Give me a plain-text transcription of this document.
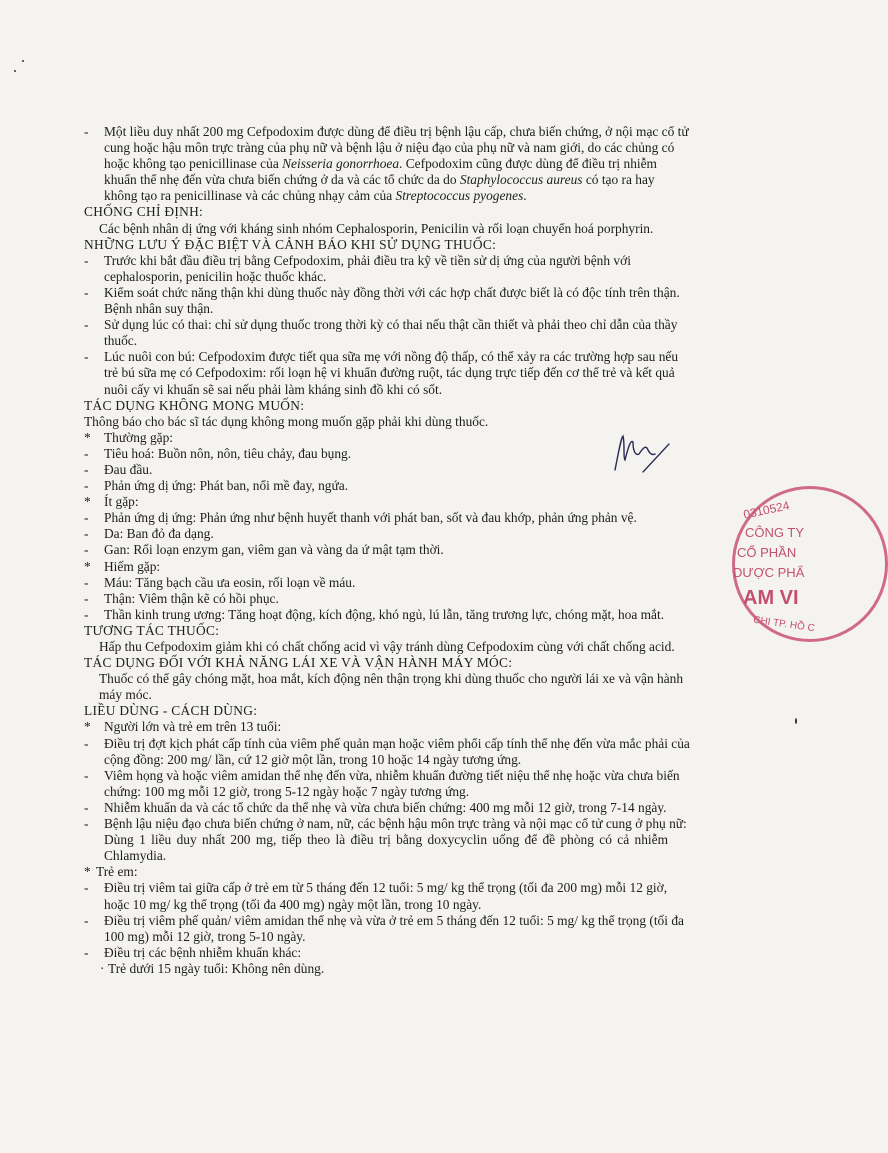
-	Một liều duy nhất 200 mg Cefpodoxim được dùng để điều trị bệnh lậu cấp, chưa biến chứng, ở nội mạc cổ tử
cung hoặc hậu môn trực tràng của phụ nữ và bệnh lậu ở niệu đạo của phụ nữ và nam giới, do các chủng có
hoặc không tạo penicillinase của Neisseria gonorrhoea. Cefpodoxim cũng được dùng để điều trị nhiễm
khuẩn thể nhẹ đến vừa chưa biến chứng ở da và các tổ chức da do Staphylococcus aureus có tạo ra hay
không tạo ra penicillinase và các chủng nhạy cảm của Streptococcus pyogenes.
CHỐNG CHỈ ĐỊNH:
Các bệnh nhân dị ứng với kháng sinh nhóm Cephalosporin, Penicilin và rối loạn chuyển hoá porphyrin.
NHỮNG LƯU Ý ĐẶC BIỆT VÀ CẢNH BÁO KHI SỬ DỤNG THUỐC:
-	Trước khi bắt đầu điều trị bằng Cefpodoxim, phải điều tra kỹ về tiền sử dị ứng của người bệnh với
cephalosporin, penicilin hoặc thuốc khác.
-	Kiểm soát chức năng thận khi dùng thuốc này đồng thời với các hợp chất được biết là có độc tính trên thận.
Bệnh nhân suy thận.
-	Sử dụng lúc có thai: chỉ sử dụng thuốc trong thời kỳ có thai nếu thật cần thiết và phải theo chỉ dẫn của thầy
thuốc.
-	Lúc nuôi con bú: Cefpodoxim được tiết qua sữa mẹ với nồng độ thấp, có thể xảy ra các trường hợp sau nếu
trẻ bú sữa mẹ có Cefpodoxim: rối loạn hệ vi khuẩn đường ruột, tác dụng trực tiếp đến cơ thể trẻ và kết quả
nuôi cấy vi khuẩn sẽ sai nếu phải làm kháng sinh đồ khi có sốt.
TÁC DỤNG KHÔNG MONG MUỐN:
Thông báo cho bác sĩ tác dụng không mong muốn gặp phải khi dùng thuốc.
* Thường gặp:
-	Tiêu hoá: Buồn nôn, nôn, tiêu chảy, đau bụng.
-	Đau đầu.
-	Phản ứng dị ứng: Phát ban, nổi mề đay, ngứa.
* Ít gặp:
-	Phản ứng dị ứng: Phản ứng như bệnh huyết thanh với phát ban, sốt và đau khớp, phản ứng phản vệ.
-	Da: Ban đỏ đa dạng.
-	Gan: Rối loạn enzym gan, viêm gan và vàng da ứ mật tạm thời.
* Hiếm gặp:
-	Máu: Tăng bạch cầu ưa eosin, rối loạn về máu.
-	Thận: Viêm thận kẽ có hồi phục.
-	Thần kinh trung ương: Tăng hoạt động, kích động, khó ngủ, lú lẫn, tăng trương lực, chóng mặt, hoa mắt.
TƯƠNG TÁC THUỐC:
Hấp thu Cefpodoxim giảm khi có chất chống acid vì vậy tránh dùng Cefpodoxim cùng với chất chống acid.
TÁC DỤNG ĐỐI VỚI KHẢ NĂNG LÁI XE VÀ VẬN HÀNH MÁY MÓC:
Thuốc có thể gây chóng mặt, hoa mắt, kích động nên thận trọng khi dùng thuốc cho người lái xe và vận hành
máy móc.
LIỀU DÙNG - CÁCH DÙNG:
* Người lớn và trẻ em trên 13 tuổi:
-	Điều trị đợt kịch phát cấp tính của viêm phế quản mạn hoặc viêm phổi cấp tính thể nhẹ đến vừa mắc phải của
cộng đồng: 200 mg/ lần, cứ 12 giờ một lần, trong 10 hoặc 14 ngày tương ứng.
-	Viêm họng và hoặc viêm amidan thể nhẹ đến vừa, nhiễm khuẩn đường tiết niệu thể nhẹ hoặc vừa chưa biến
chứng: 100 mg mỗi 12 giờ, trong 5-12 ngày hoặc 7 ngày tương ứng.
-	Nhiễm khuẩn da và các tổ chức da thể nhẹ và vừa chưa biến chứng: 400 mg mỗi 12 giờ, trong 7-14 ngày.
-	Bệnh lậu niệu đạo chưa biến chứng ở nam, nữ, các bệnh hậu môn trực tràng và nội mạc cổ tử cung ở phụ nữ:
Dùng 1 liều duy nhất 200 mg, tiếp theo là điều trị bằng doxycyclin uống để đề phòng có cả nhiễm
Chlamydia.
* Trẻ em:
-	Điều trị viêm tai giữa cấp ở trẻ em từ 5 tháng đến 12 tuổi: 5 mg/ kg thể trọng (tối đa 200 mg) mỗi 12 giờ,
hoặc 10 mg/ kg thể trọng (tối đa 400 mg) ngày một lần, trong 10 ngày.
-	Điều trị viêm phế quản/ viêm amidan thể nhẹ và vừa ở trẻ em 5 tháng đến 12 tuổi: 5 mg/ kg thể trọng (tối đa
100 mg) mỗi 12 giờ, trong 5-10 ngày.
-	Điều trị các bệnh nhiễm khuẩn khác:
· Trẻ dưới 15 ngày tuổi: Không nên dùng.
0310524
CÔNG TY
CỔ PHẦN
DƯỢC PHẨ
AM VI
CHI TP. HỒ C
